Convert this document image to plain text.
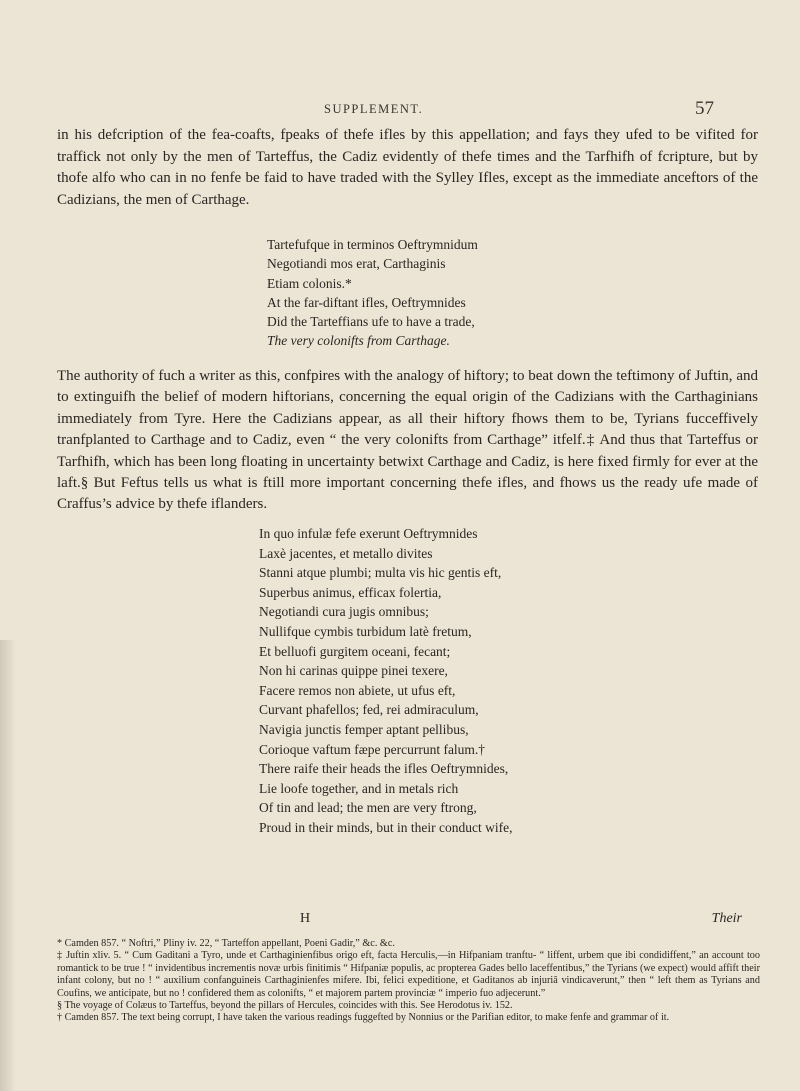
SUPPLEMENT.	57

in his defcription of the fea-coafts, fpeaks of thefe ifles by this appellation; and fays they ufed to be vifited for traffick not only by the men of Tarteffus, the Cadiz evidently of thefe times and the Tarfhifh of fcripture, but by thofe alfo who can in no fenfe be faid to have traded with the Sylley Ifles, except as the immediate anceftors of the Cadizians, the men of Carthage.

Tartefufque in terminos Oeftrymnidum
Negotiandi mos erat, Carthaginis
Etiam colonis.*
At the far-diftant ifles, Oeftrymnides
Did the Tarteffians ufe to have a trade,
The very colonifts from Carthage.

The authority of fuch a writer as this, confpires with the analogy of hiftory; to beat down the teftimony of Juftin, and to extinguifh the belief of modern hiftorians, concerning the equal origin of the Cadizians with the Carthaginians immediately from Tyre. Here the Cadizians appear, as all their hiftory fhows them to be, Tyrians fucceffively tranfplanted to Carthage and to Cadiz, even “ the very colonifts from Carthage” itfelf.‡ And thus that Tarteffus or Tarfhifh, which has been long floating in uncertainty betwixt Carthage and Cadiz, is here fixed firmly for ever at the laft.§ But Feftus tells us what is ftill more important concerning thefe ifles, and fhows us the ready ufe made of Craffus’s advice by thefe iflanders.

In quo infulæ fefe exerunt Oeftrymnides
Laxè jacentes, et metallo divites
Stanni atque plumbi; multa vis hic gentis eft,
Superbus animus, efficax folertia,
Negotiandi cura jugis omnibus;
Nullifque cymbis turbidum latè fretum,
Et belluofi gurgitem oceani, fecant;
Non hi carinas quippe pinei texere,
Facere remos non abiete, ut ufus eft,
Curvant phafellos; fed, rei admiraculum,
Navigia junctis femper aptant pellibus,
Corioque vaftum fæpe percurrunt falum.†
There raife their heads the ifles Oeftrymnides,
Lie loofe together, and in metals rich
Of tin and lead; the men are very ftrong,
Proud in their minds, but in their conduct wife,
H	Their
* Camden 857. “ Noftri,” Pliny iv. 22, “ Tarteffon appellant, Poeni Gadir,” &c. &c.
‡ Juftin xliv. 5. “ Cum Gaditani a Tyro, unde et Carthaginienfibus origo eft, facta Herculis,—in Hifpaniam tranftu- “ liffent, urbem que ibi condidiffent,” an account too romantick to be true ! “ invidentibus incrementis novæ urbis finitimis “ Hifpaniæ populis, ac propterea Gades bello laceffentibus,” the Tyrians (we expect) would affift their infant colony, but no ! “ auxilium confanguineis Carthaginienfes mifere. Ibi, felici expeditione, et Gaditanos ab injuriâ vindicaverunt,” then “ left them as Tyrians and Coufins, we anticipate, but no ! confidered them as colonifts, “ et majorem partem provinciæ “ imperio fuo adjecerunt.”
§ The voyage of Colæus to Tarteffus, beyond the pillars of Hercules, coincides with this. See Herodotus iv. 152.
† Camden 857. The text being corrupt, I have taken the various readings fuggefted by Nonnius or the Parifian editor, to make fenfe and grammar of it.
